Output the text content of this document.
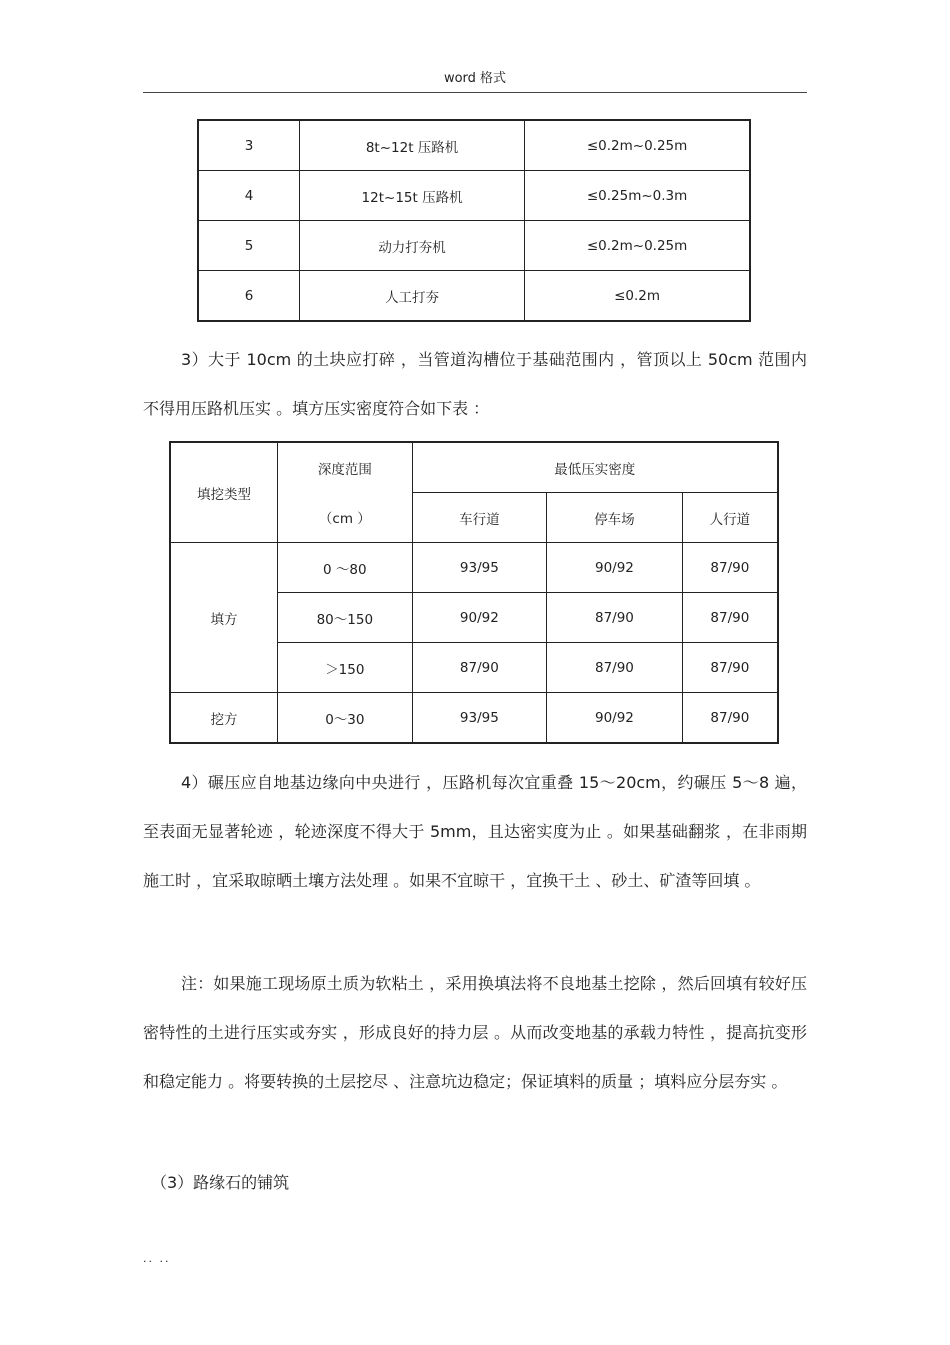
word 格式
3	8t~12t 压路机	≤0.2m~0.25m
4	12t~15t 压路机	≤0.25m~0.3m
5	动力打夯机	≤0.2m~0.25m
6	人工打夯	≤0.2m

3）大于 10cm 的土块应打碎 ，当管道沟槽位于基础范围内 ，管顶以上 50cm 范围内不得用压路机压实 。填方压实密度符合如下表 ：

填挖类型	深度范围	最低压实密度		
	（cm ）	车行道	停车场	人行道
填方	0 ～80	93/95	90/92	87/90
	80～150	90/92	87/90	87/90
	＞150	87/90	87/90	87/90
挖方	0～30	93/95	90/92	87/90

4）碾压应自地基边缘向中央进行 ，压路机每次宜重叠 15～20cm，约碾压 5～8 遍，至表面无显著轮迹 ，轮迹深度不得大于 5mm，且达密实度为止 。如果基础翻浆 ，在非雨期施工时 ，宜采取晾晒土壤方法处理 。如果不宜晾干 ，宜换干土 、砂土、矿渣等回填 。

注：如果施工现场原土质为软粘土 ，采用换填法将不良地基土挖除 ，然后回填有较好压密特性的土进行压实或夯实 ，形成良好的持力层 。从而改变地基的承载力特性 ，提高抗变形和稳定能力 。将要转换的土层挖尽 、注意坑边稳定；保证填料的质量 ；填料应分层夯实 。

（3）路缘石的铺筑

.. ..
